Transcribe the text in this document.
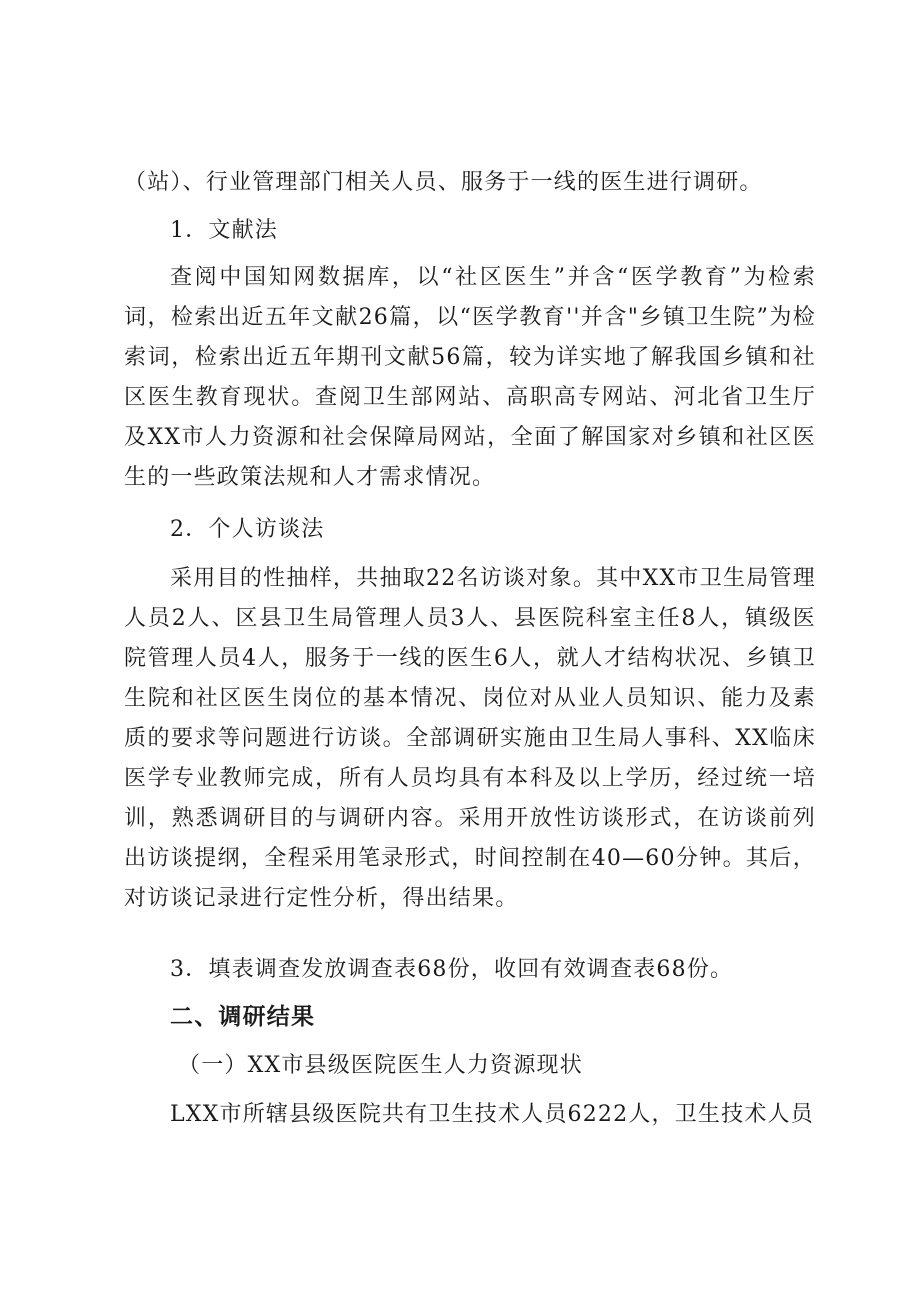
（站）、行业管理部门相关人员、服务于一线的医生进行调研。
1．文献法
查阅中国知网数据库，以“社区医生”并含“医学教育”为检索词，检索出近五年文献26篇，以“医学教育''并含"乡镇卫生院”为检索词，检索出近五年期刊文献56篇，较为详实地了解我国乡镇和社区医生教育现状。查阅卫生部网站、高职高专网站、河北省卫生厅及XX市人力资源和社会保障局网站，全面了解国家对乡镇和社区医生的一些政策法规和人才需求情况。
2．个人访谈法
采用目的性抽样，共抽取22名访谈对象。其中XX市卫生局管理人员2人、区县卫生局管理人员3人、县医院科室主任8人，镇级医院管理人员4人，服务于一线的医生6人，就人才结构状况、乡镇卫生院和社区医生岗位的基本情况、岗位对从业人员知识、能力及素质的要求等问题进行访谈。全部调研实施由卫生局人事科、XX临床医学专业教师完成，所有人员均具有本科及以上学历，经过统一培训，熟悉调研目的与调研内容。采用开放性访谈形式，在访谈前列出访谈提纲，全程采用笔录形式，时间控制在40—60分钟。其后，对访谈记录进行定性分析，得出结果。
3．填表调查发放调查表68份，收回有效调查表68份。
二、调研结果
（一）XX市县级医院医生人力资源现状
LXX市所辖县级医院共有卫生技术人员6222人，卫生技术人员
